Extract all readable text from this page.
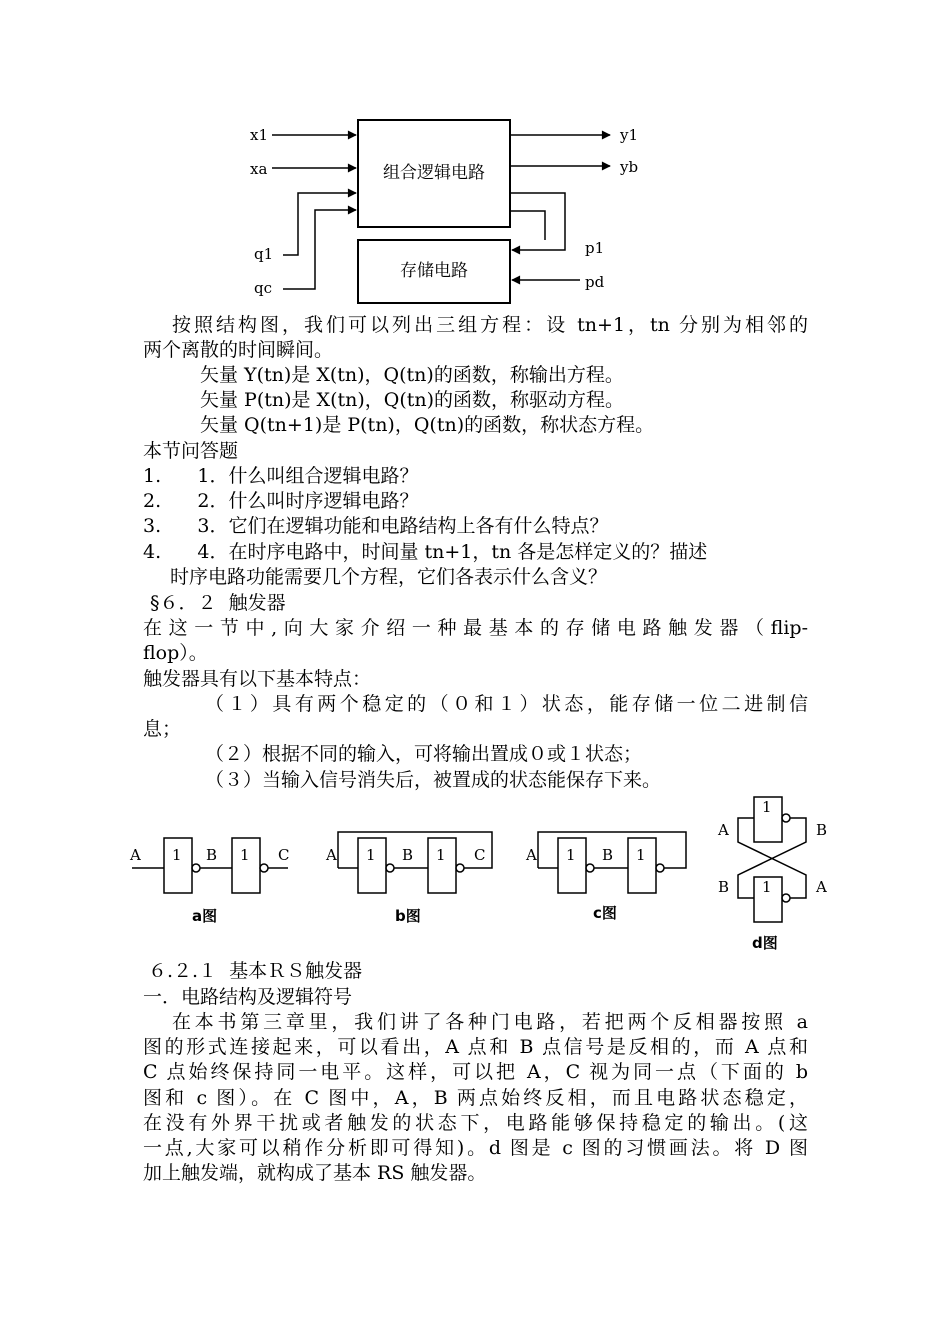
组合逻辑电路
存储电路
x1
xa
y1
yb
q1
qc
p1
pd
按照结构图，我们可以列出三组方程：设 tn+1，tn 分别为相邻的
两个离散的时间瞬间。
矢量 Y(tn)是 X(tn)，Q(tn)的函数，称输出方程。
矢量 P(tn)是 X(tn)，Q(tn)的函数，称驱动方程。
矢量 Q(tn+1)是 P(tn)，Q(tn)的函数，称状态方程。
本节问答题
1.      1．什么叫组合逻辑电路？
2.      2．什么叫时序逻辑电路？
3.      3．它们在逻辑功能和电路结构上各有什么特点？
4.      4．在时序电路中，时间量 tn+1，tn 各是怎样定义的？描述
时序电路功能需要几个方程，它们各表示什么含义？
§６．２  触发器
在这一节中,向大家介绍一种最基本的存储电路触发器（flip-
flop）。
触发器具有以下基本特点：
（１）具有两个稳定的（０和１）状态，能存储一位二进制信
息；
（２）根据不同的输入，可将输出置成０或１状态；
（３）当输入信号消失后，被置成的状态能保存下来。
1	1	1	1	1	1
1
1
A	B	C A	B	C	A	B
A	B
B	A
a图	b图	c图
d图
６.２.１  基本ＲＳ触发器
一．电路结构及逻辑符号
在本书第三章里，我们讲了各种门电路，若把两个反相器按照 a
图的形式连接起来，可以看出，A 点和 B 点信号是反相的，而 A 点和
C 点始终保持同一电平。这样，可以把 A，C 视为同一点（下面的 b
图和 c 图）。在 C 图中，A，B 两点始终反相，而且电路状态稳定，
在没有外界干扰或者触发的状态下，电路能够保持稳定的输出。(这
一点,大家可以稍作分析即可得知)。d 图是 c 图的习惯画法。将 D 图
加上触发端，就构成了基本 RS 触发器。
